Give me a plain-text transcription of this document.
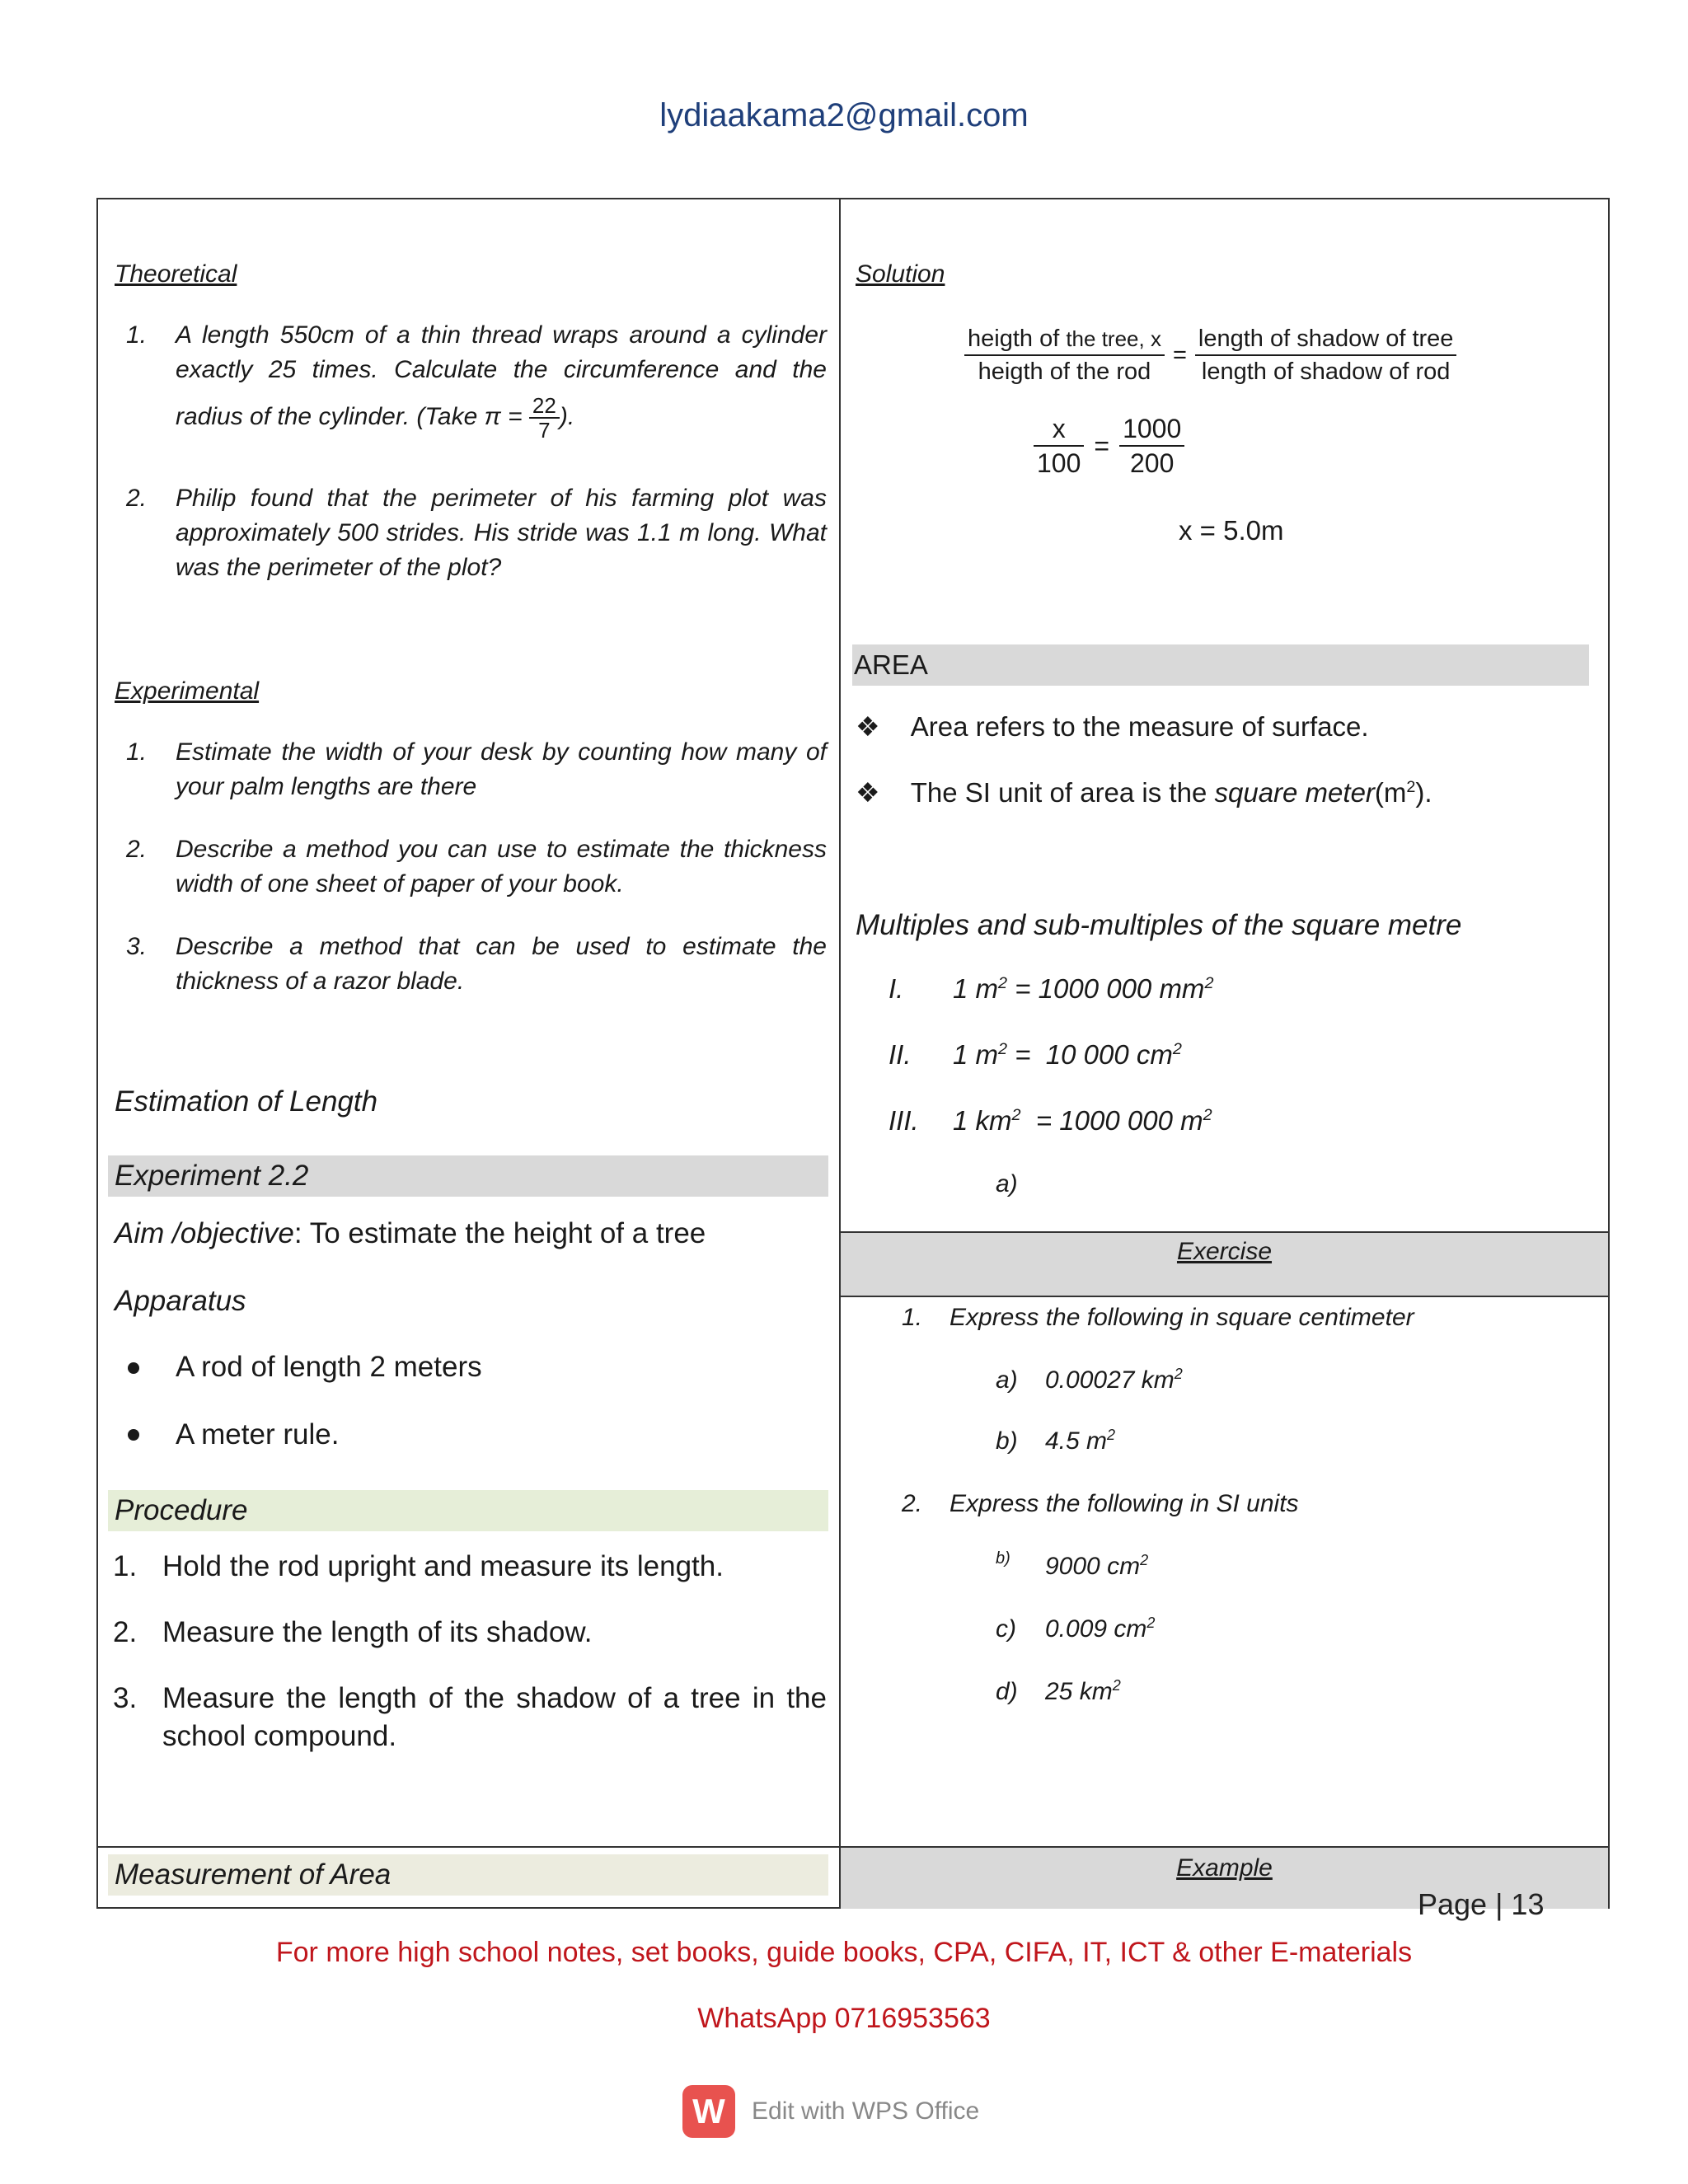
lydiaakama2@gmail.com
Theoretical
1. A length 550cm of a thin thread wraps around a cylinder
exactly 25 times. Calculate the circumference and the
radius of the cylinder. (Take $\pi = \frac{22}{7}$ ).
2. Philip found that the perimeter of his farming plot was approximately 500 strides. His stride was 1.1 m long. What was the perimeter of the plot?
Experimental
1. Estimate the width of your desk by counting how many of your palm lengths are there
2. Describe a method you can use to estimate the thickness width of one sheet of paper of your book.
3. Describe a method that can be used to estimate the thickness of a razor blade.
Estimation of Length
Experiment 2.2
Aim /objective: To estimate the height of a tree
Apparatus
A rod of length 2 meters
A meter rule.
Procedure
1. Hold the rod upright and measure its length.
2. Measure the length of its shadow.
3. Measure the length of the shadow of a tree in the school compound.
Measurement of Area
Solution
$\frac{\text{heigth of the tree, x}}{\text{heigth of the rod}} = \frac{\text{length of shadow of tree}}{\text{length of shadow of rod}}$
$\frac{x}{100} = \frac{1000}{200}$
x = 5.0m
AREA
❖ Area refers to the measure of surface.
❖ The SI unit of area is the square $meter(m^2)$.
Multiples and sub-multiples of the square metre
I. 1 $m^2 = 1000$ 000 $mm^2$
II. 1 $m^2 = 10$ 000 $cm^2$
III. 1 $km^2 = 1000$ 000 $m^2$
a)
Exercise
1. Express the following in square centimeter
a) 0.00027 $km^2$
b) 4.5 $m^2$
2. Express the following in SI units
b) 9000 $cm^2$
c) 0.009 $cm^2$
d) 25 $km^2$
Example
Page | 13
For more high school notes, set books, guide books, CPA, CIFA, IT, ICT & other E-materials
WhatsApp 0716953563
W	Edit with WPS Office
